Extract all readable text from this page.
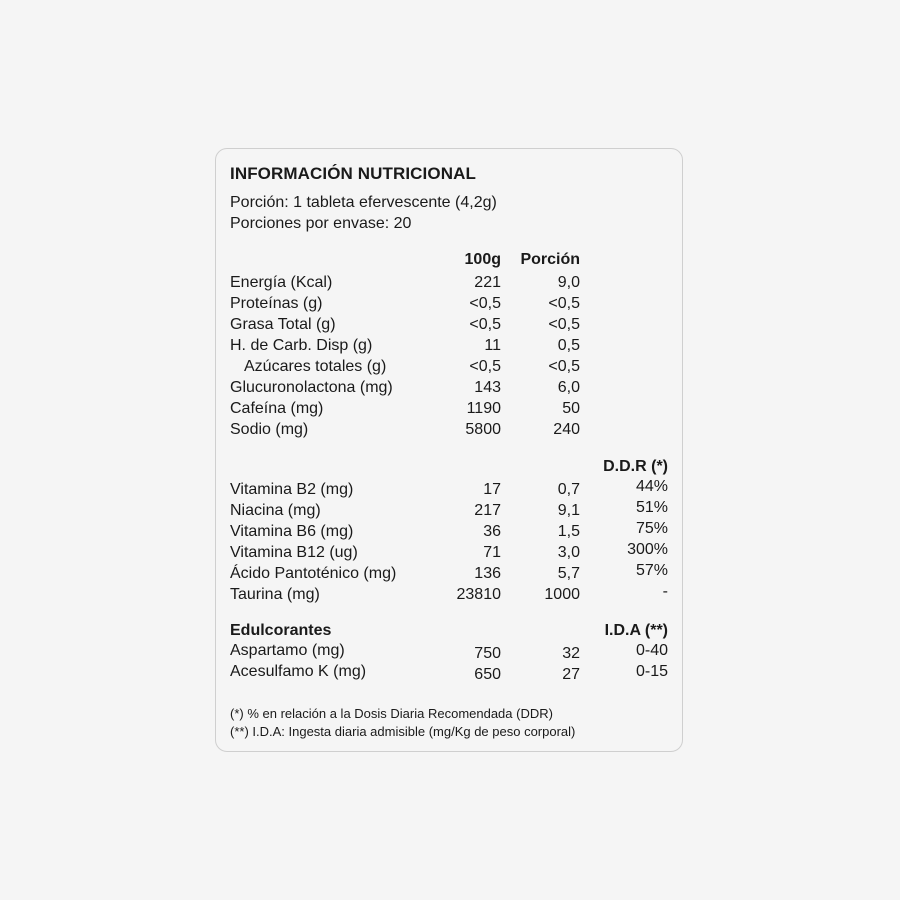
INFORMACIÓN NUTRICIONAL
Porción: 1 tableta efervescente (4,2g)
Porciones por envase: 20
100g Porción
Energía (Kcal)	221	9,0
Proteínas (g)	<0,5	<0,5
Grasa Total (g)	<0,5	<0,5
H. de Carb. Disp (g)	11	0,5
Azúcares totales (g)	<0,5	<0,5
Glucuronolactona (mg)	143	6,0
Cafeína (mg)	1190	50
Sodio (mg)	5800	240
D.D.R (*)
Vitamina B2 (mg)	17	0,7	44%
Niacina (mg)	217	9,1	51%
Vitamina B6 (mg)	36	1,5	75%
Vitamina B12 (ug)	71	3,0	300%
Ácido Pantoténico (mg)	136	5,7	57%
Taurina (mg)	23810	1000	-
Edulcorantes	I.D.A (**)
Aspartamo (mg)	750	32	0-40
Acesulfamo K (mg)	650	27	0-15
(*) % en relación a la Dosis Diaria Recomendada (DDR)
(**) I.D.A: Ingesta diaria admisible (mg/Kg de peso corporal)
